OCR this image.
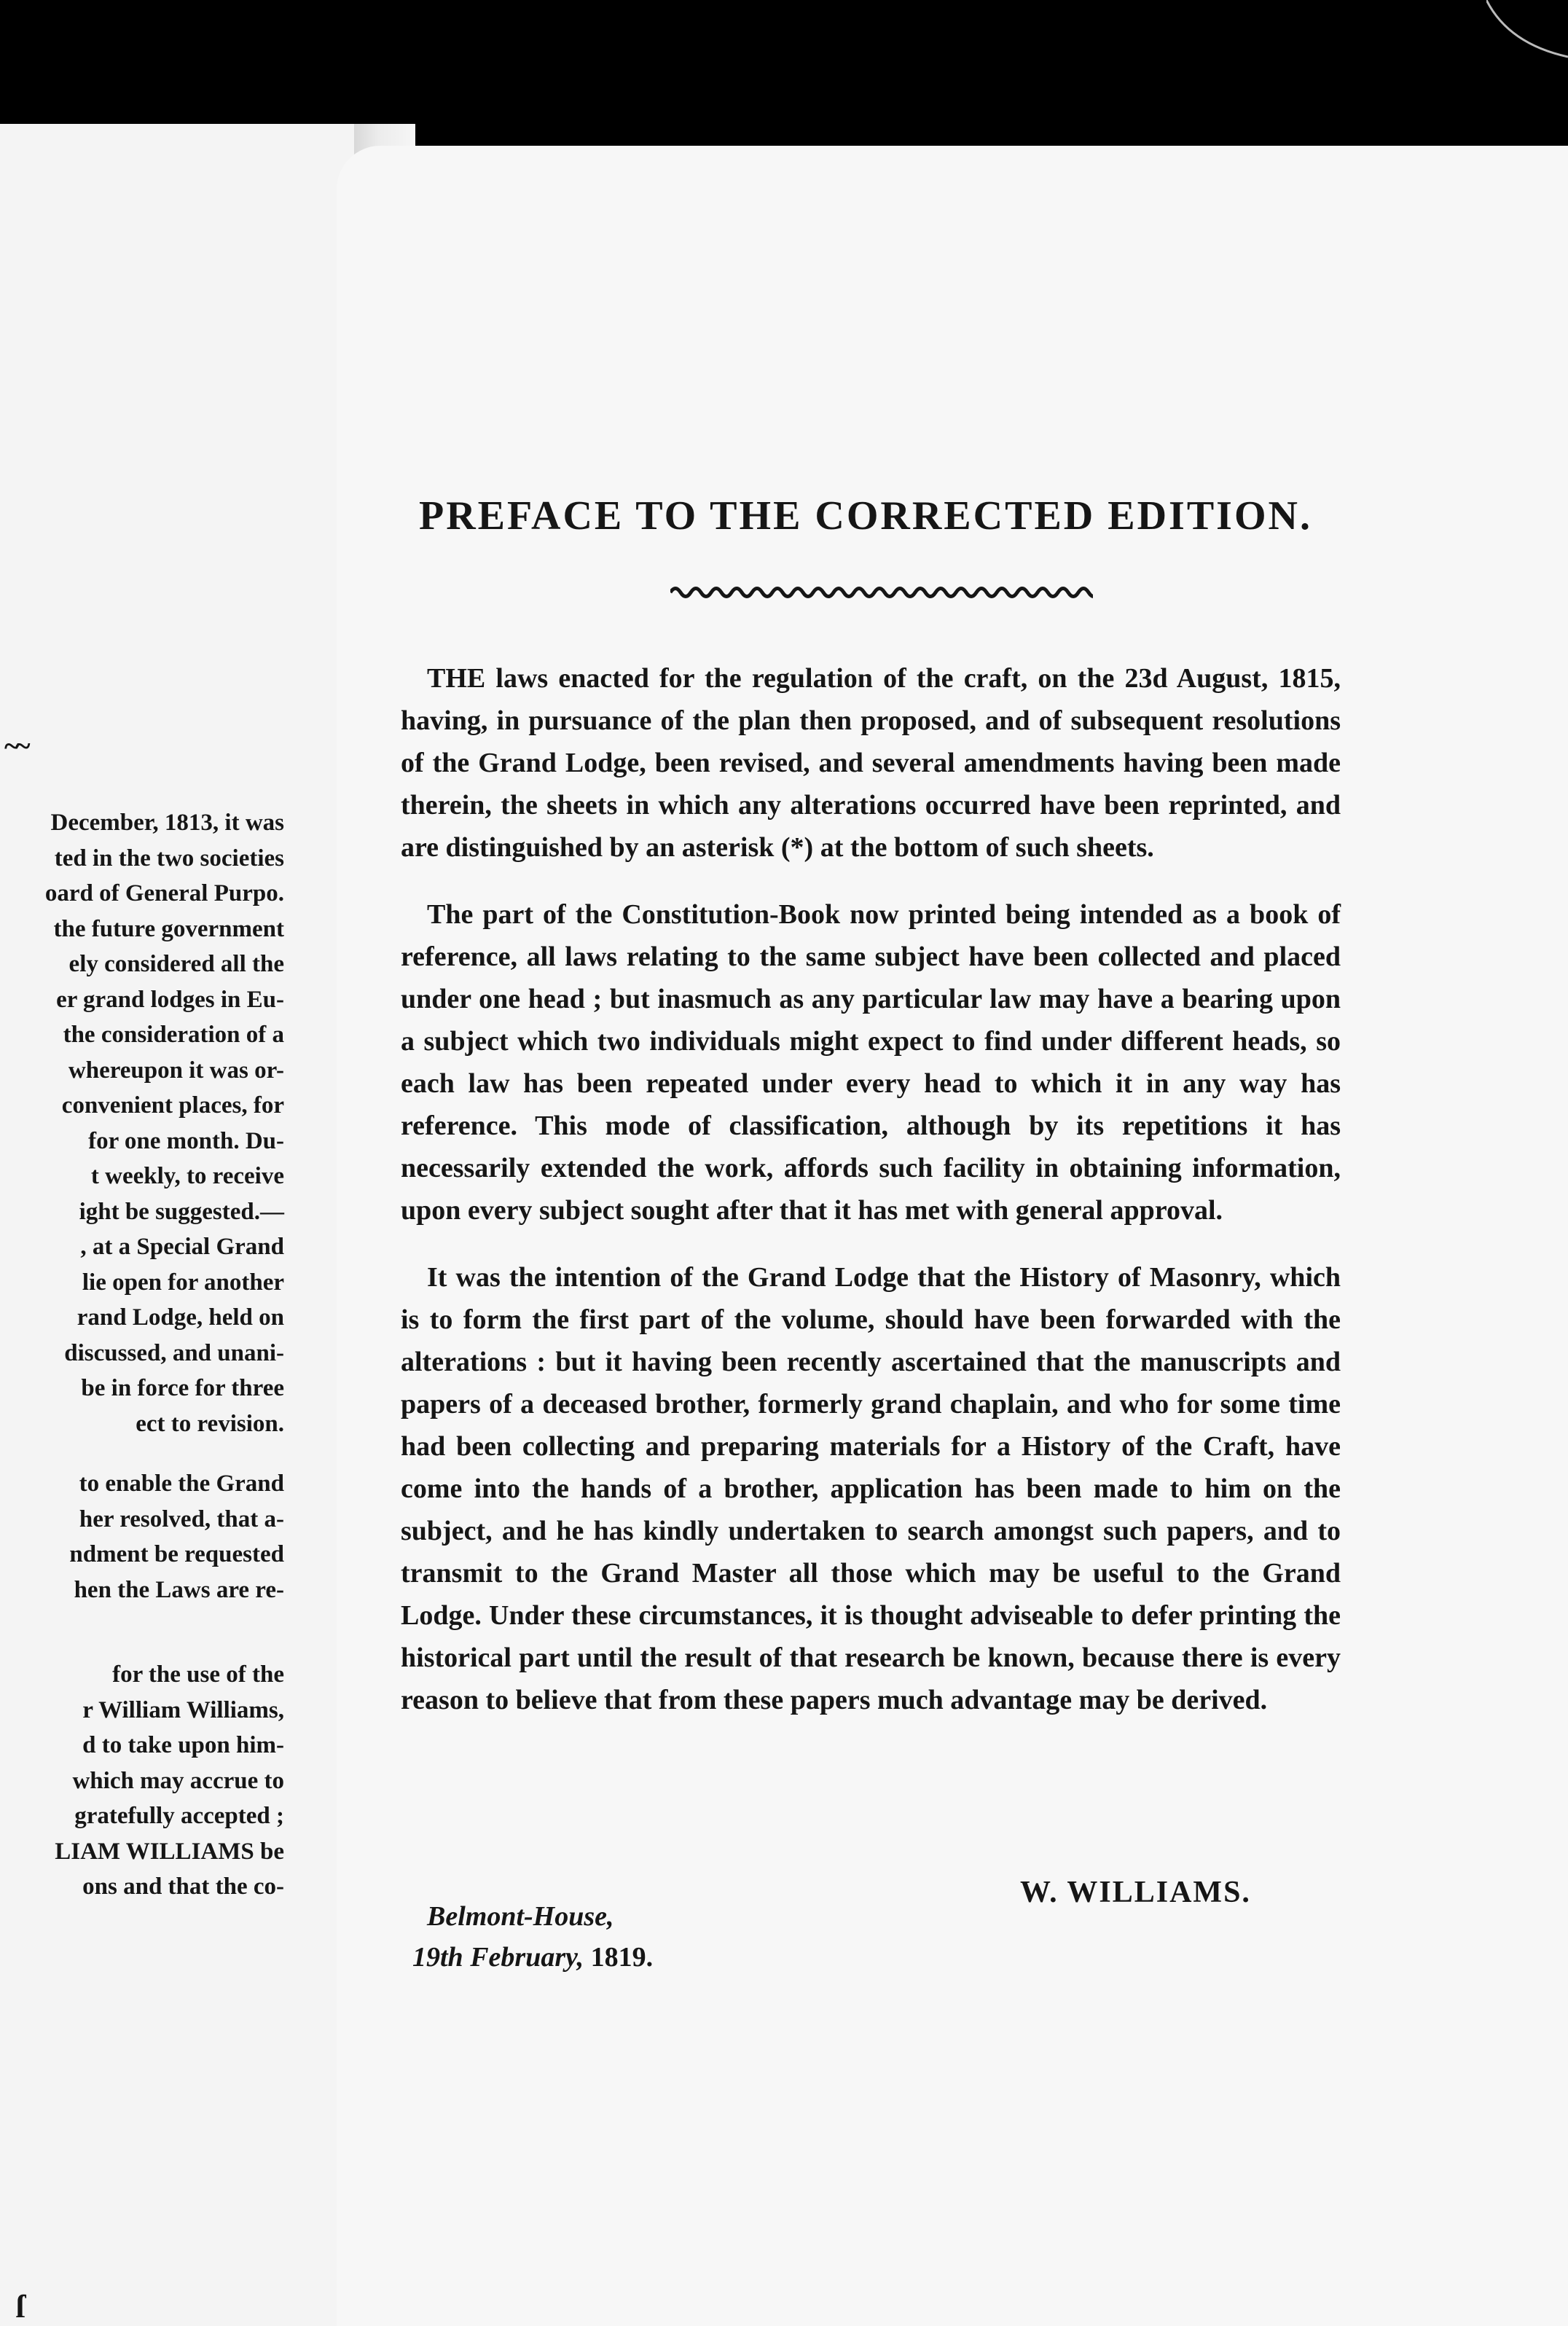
~~
December, 1813, it was
ted in the two societies
oard of General Purpo.
the future government
ely considered all the
er grand lodges in Eu-
the consideration of a
whereupon it was or-
convenient places, for
for one month. Du-
t weekly, to receive
ight be suggested.—
, at a Special Grand
lie open for another
rand Lodge, held on
discussed, and unani-
be in force for three
ect to revision.
to enable the Grand
her resolved, that a-
ndment be requested
hen the Laws are re-
for the use of the
r William Williams,
d to take upon him-
which may accrue to
gratefully accepted ;
LIAM WILLIAMS be
ons and that the co-
ſ
PREFACE TO THE CORRECTED EDITION.

THE laws enacted for the regulation of the craft, on the 23d August, 1815, having, in pursuance of the plan then proposed, and of subsequent resolutions of the Grand Lodge, been revised, and several amendments having been made therein, the sheets in which any alterations occurred have been reprinted, and are distinguished by an asterisk (*) at the bottom of such sheets.

The part of the Constitution-Book now printed being intended as a book of reference, all laws relating to the same subject have been collected and placed under one head ; but inasmuch as any particular law may have a bearing upon a subject which two individuals might expect to find under different heads, so each law has been repeated under every head to which it in any way has reference. This mode of classification, although by its repetitions it has necessarily extended the work, affords such facility in obtaining information, upon every subject sought after that it has met with general approval.

It was the intention of the Grand Lodge that the History of Masonry, which is to form the first part of the volume, should have been forwarded with the alterations : but it having been recently ascertained that the manuscripts and papers of a deceased brother, formerly grand chaplain, and who for some time had been collecting and preparing materials for a History of the Craft, have come into the hands of a brother, application has been made to him on the subject, and he has kindly undertaken to search amongst such papers, and to transmit to the Grand Master all those which may be useful to the Grand Lodge. Under these circumstances, it is thought adviseable to defer printing the historical part until the result of that research be known, because there is every reason to believe that from these papers much advantage may be derived.

W. WILLIAMS.
Belmont-House,
19th February, 1819.
